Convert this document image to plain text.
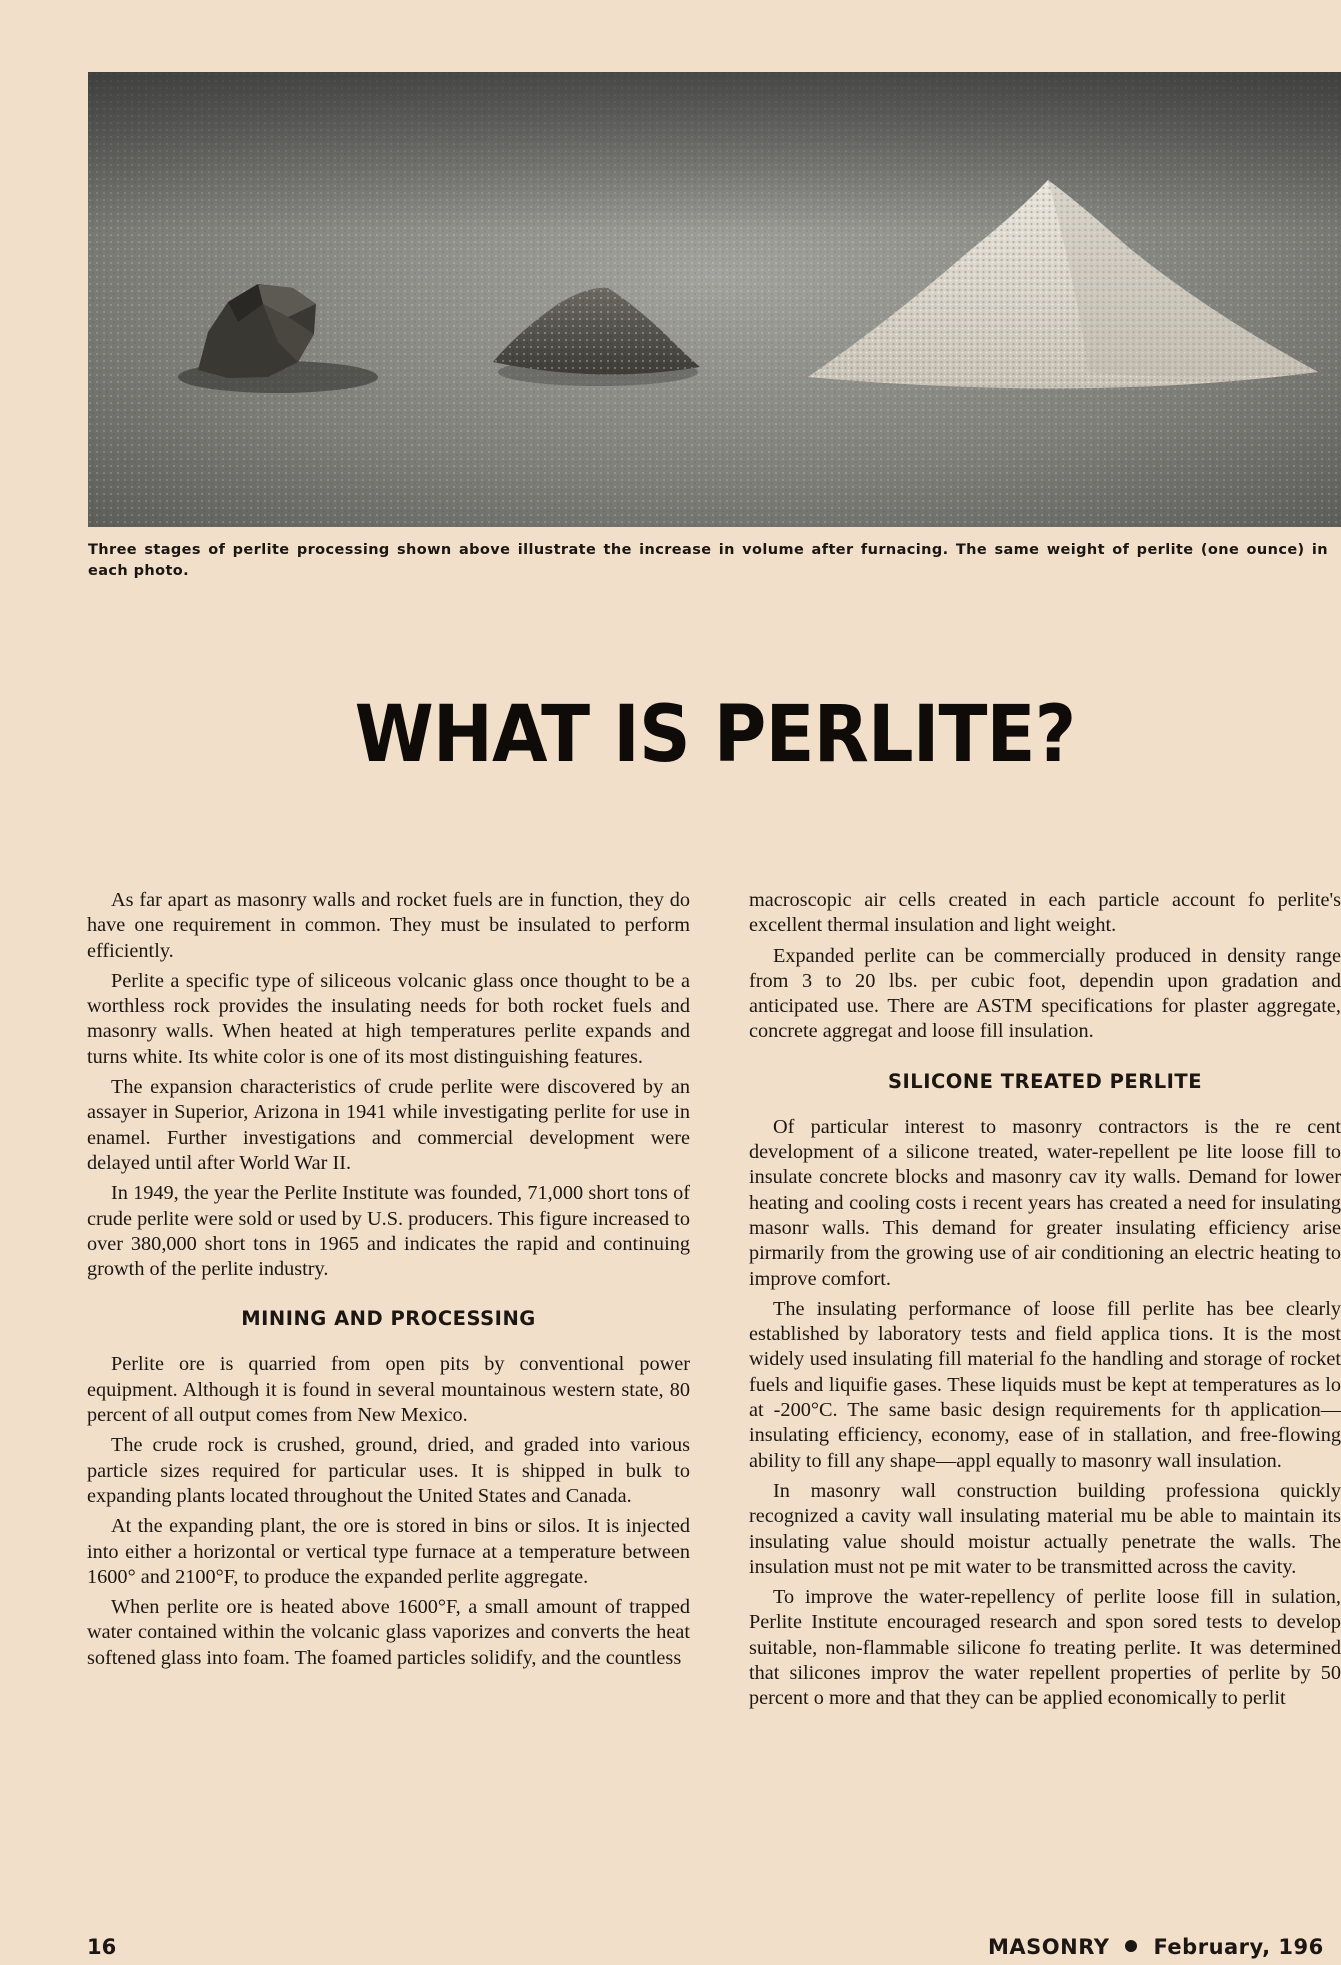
Three stages of perlite processing shown above illustrate the increase in volume after furnacing. The same weight of perlite (one ounce) in each photo.
WHAT IS PERLITE?

As far apart as masonry walls and rocket fuels are in function, they do have one requirement in common. They must be insulated to perform efficiently.

Perlite a specific type of siliceous volcanic glass once thought to be a worthless rock provides the insulating needs for both rocket fuels and masonry walls. When heated at high temperatures perlite expands and turns white. Its white color is one of its most distinguishing features.

The expansion characteristics of crude perlite were discovered by an assayer in Superior, Arizona in 1941 while investigating perlite for use in enamel. Further investigations and commercial development were delayed until after World War II.

In 1949, the year the Perlite Institute was founded, 71,000 short tons of crude perlite were sold or used by U.S. producers. This figure increased to over 380,000 short tons in 1965 and indicates the rapid and continuing growth of the perlite industry.

MINING AND PROCESSING

Perlite ore is quarried from open pits by conventional power equipment. Although it is found in several mountainous western state, 80 percent of all output comes from New Mexico.

The crude rock is crushed, ground, dried, and graded into various particle sizes required for particular uses. It is shipped in bulk to expanding plants located throughout the United States and Canada.

At the expanding plant, the ore is stored in bins or silos. It is injected into either a horizontal or vertical type furnace at a temperature between 1600° and 2100°F, to produce the expanded perlite aggregate.

When perlite ore is heated above 1600°F, a small amount of trapped water contained within the volcanic glass vaporizes and converts the heat softened glass into foam. The foamed particles solidify, and the countless

macroscopic air cells created in each particle account fo perlite's excellent thermal insulation and light weight.

Expanded perlite can be commercially produced in density range from 3 to 20 lbs. per cubic foot, dependin upon gradation and anticipated use. There are ASTM specifications for plaster aggregate, concrete aggregat and loose fill insulation.

SILICONE TREATED PERLITE

Of particular interest to masonry contractors is the re cent development of a silicone treated, water-repellent pe lite loose fill to insulate concrete blocks and masonry cav ity walls. Demand for lower heating and cooling costs i recent years has created a need for insulating masonr walls. This demand for greater insulating efficiency arise pirmarily from the growing use of air conditioning an electric heating to improve comfort.

The insulating performance of loose fill perlite has bee clearly established by laboratory tests and field applica tions. It is the most widely used insulating fill material fo the handling and storage of rocket fuels and liquifie gases. These liquids must be kept at temperatures as lo at -200°C. The same basic design requirements for th application—insulating efficiency, economy, ease of in stallation, and free-flowing ability to fill any shape—appl equally to masonry wall insulation.

In masonry wall construction building professiona quickly recognized a cavity wall insulating material mu be able to maintain its insulating value should moistur actually penetrate the walls. The insulation must not pe mit water to be transmitted across the cavity.

To improve the water-repellency of perlite loose fill in sulation, Perlite Institute encouraged research and spon sored tests to develop suitable, non-flammable silicone fo treating perlite. It was determined that silicones improv the water repellent properties of perlite by 50 percent o more and that they can be applied economically to perlit

16	MASONRY February, 196
